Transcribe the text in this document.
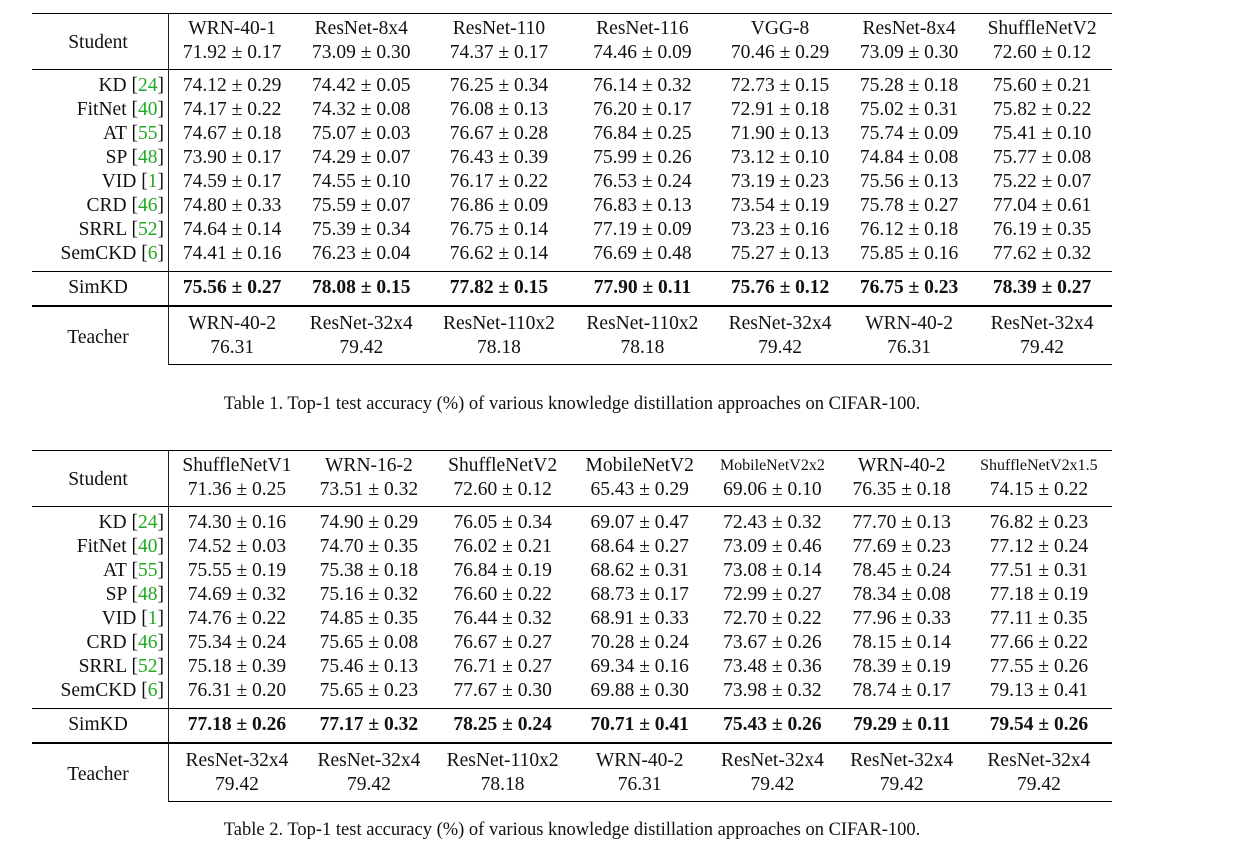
Student	WRN-40-1	ResNet-8x4	ResNet-110	ResNet-116	VGG-8	ResNet-8x4	ShuffleNetV2
	71.92 ± 0.17	73.09 ± 0.30	74.37 ± 0.17	74.46 ± 0.09	70.46 ± 0.29	73.09 ± 0.30	72.60 ± 0.12
KD [24]	74.12 ± 0.29	74.42 ± 0.05	76.25 ± 0.34	76.14 ± 0.32	72.73 ± 0.15	75.28 ± 0.18	75.60 ± 0.21
FitNet [40]	74.17 ± 0.22	74.32 ± 0.08	76.08 ± 0.13	76.20 ± 0.17	72.91 ± 0.18	75.02 ± 0.31	75.82 ± 0.22
AT [55]	74.67 ± 0.18	75.07 ± 0.03	76.67 ± 0.28	76.84 ± 0.25	71.90 ± 0.13	75.74 ± 0.09	75.41 ± 0.10
SP [48]	73.90 ± 0.17	74.29 ± 0.07	76.43 ± 0.39	75.99 ± 0.26	73.12 ± 0.10	74.84 ± 0.08	75.77 ± 0.08
VID [1]	74.59 ± 0.17	74.55 ± 0.10	76.17 ± 0.22	76.53 ± 0.24	73.19 ± 0.23	75.56 ± 0.13	75.22 ± 0.07
CRD [46]	74.80 ± 0.33	75.59 ± 0.07	76.86 ± 0.09	76.83 ± 0.13	73.54 ± 0.19	75.78 ± 0.27	77.04 ± 0.61
SRRL [52]	74.64 ± 0.14	75.39 ± 0.34	76.75 ± 0.14	77.19 ± 0.09	73.23 ± 0.16	76.12 ± 0.18	76.19 ± 0.35
SemCKD [6]	74.41 ± 0.16	76.23 ± 0.04	76.62 ± 0.14	76.69 ± 0.48	75.27 ± 0.13	75.85 ± 0.16	77.62 ± 0.32
SimKD	75.56 ± 0.27	78.08 ± 0.15	77.82 ± 0.15	77.90 ± 0.11	75.76 ± 0.12	76.75 ± 0.23	78.39 ± 0.27
Teacher	WRN-40-2	ResNet-32x4	ResNet-110x2	ResNet-110x2	ResNet-32x4	WRN-40-2	ResNet-32x4
	76.31	79.42	78.18	78.18	79.42	76.31	79.42
Table 1. Top-1 test accuracy (%) of various knowledge distillation approaches on CIFAR-100.
Student	ShuffleNetV1	WRN-16-2	ShuffleNetV2	MobileNetV2	MobileNetV2x2	WRN-40-2	ShuffleNetV2x1.5
	71.36 ± 0.25	73.51 ± 0.32	72.60 ± 0.12	65.43 ± 0.29	69.06 ± 0.10	76.35 ± 0.18	74.15 ± 0.22
KD [24]	74.30 ± 0.16	74.90 ± 0.29	76.05 ± 0.34	69.07 ± 0.47	72.43 ± 0.32	77.70 ± 0.13	76.82 ± 0.23
FitNet [40]	74.52 ± 0.03	74.70 ± 0.35	76.02 ± 0.21	68.64 ± 0.27	73.09 ± 0.46	77.69 ± 0.23	77.12 ± 0.24
AT [55]	75.55 ± 0.19	75.38 ± 0.18	76.84 ± 0.19	68.62 ± 0.31	73.08 ± 0.14	78.45 ± 0.24	77.51 ± 0.31
SP [48]	74.69 ± 0.32	75.16 ± 0.32	76.60 ± 0.22	68.73 ± 0.17	72.99 ± 0.27	78.34 ± 0.08	77.18 ± 0.19
VID [1]	74.76 ± 0.22	74.85 ± 0.35	76.44 ± 0.32	68.91 ± 0.33	72.70 ± 0.22	77.96 ± 0.33	77.11 ± 0.35
CRD [46]	75.34 ± 0.24	75.65 ± 0.08	76.67 ± 0.27	70.28 ± 0.24	73.67 ± 0.26	78.15 ± 0.14	77.66 ± 0.22
SRRL [52]	75.18 ± 0.39	75.46 ± 0.13	76.71 ± 0.27	69.34 ± 0.16	73.48 ± 0.36	78.39 ± 0.19	77.55 ± 0.26
SemCKD [6]	76.31 ± 0.20	75.65 ± 0.23	77.67 ± 0.30	69.88 ± 0.30	73.98 ± 0.32	78.74 ± 0.17	79.13 ± 0.41
SimKD	77.18 ± 0.26	77.17 ± 0.32	78.25 ± 0.24	70.71 ± 0.41	75.43 ± 0.26	79.29 ± 0.11	79.54 ± 0.26
Teacher	ResNet-32x4	ResNet-32x4	ResNet-110x2	WRN-40-2	ResNet-32x4	ResNet-32x4	ResNet-32x4
	79.42	79.42	78.18	76.31	79.42	79.42	79.42
Table 2. Top-1 test accuracy (%) of various knowledge distillation approaches on CIFAR-100.
